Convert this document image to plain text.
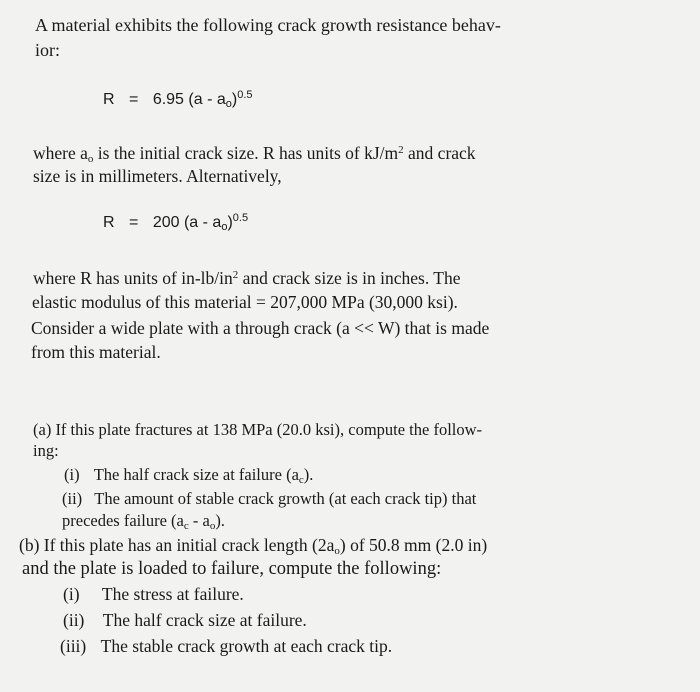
A material exhibits the following crack growth resistance behav-
ior:
R = 6.95 $(a - a_o)^{0.5}$
where $a_o$ is the initial crack size. R has units of $kJ/m^2$ and crack
size is in millimeters. Alternatively,
R = 200 $(a - a_o)^{0.5}$
where R has units of $in-lb/in^2$ and crack size is in inches. The
elastic modulus of this material = 207,000 MPa (30,000 ksi).
Consider a wide plate with a through crack (a << W) that is made
from this material.
(a) If this plate fractures at 138 MPa (20.0 ksi), compute the follow-
ing:
(i) The half crack size at failure $(a_c)$.
(ii) The amount of stable crack growth (at each crack tip) that
precedes failure $(a_c - a_o)$.
(b) If this plate has an initial crack length $(2a_o)$ of 50.8 mm (2.0 in)
and the plate is loaded to failure, compute the following:
(i) The stress at failure.
(ii) The half crack size at failure.
(iii) The stable crack growth at each crack tip.
